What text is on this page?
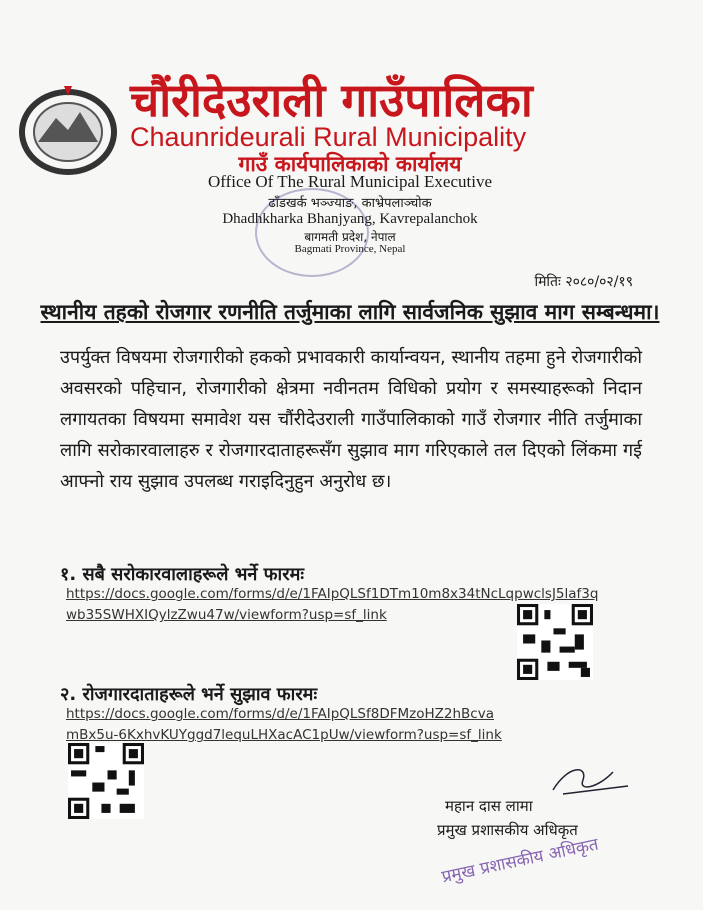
चौंरीदेउराली गाउँपालिका
Chaunrideurali Rural Municipality
गाउँ कार्यपालिकाको कार्यालय
Office Of The Rural Municipal Executive
ढाँडखर्क भञ्ज्याङ, काभ्रेपलाञ्चोक
Dhadhkharka Bhanjyang, Kavrepalanchok
बागमती प्रदेश, नेपाल
Bagmati Province, Nepal
मितिः २०८०/०२/१९
स्थानीय तहको रोजगार रणनीति तर्जुमाका लागि सार्वजनिक सुझाव माग सम्बन्धमा।
उपर्युक्त विषयमा रोजगारीको हकको प्रभावकारी कार्यान्वयन, स्थानीय तहमा हुने रोजगारीको अवसरको पहिचान, रोजगारीको क्षेत्रमा नवीनतम विधिको प्रयोग र समस्याहरूको निदान लगायतका विषयमा समावेश यस चौंरीदेउराली गाउँपालिकाको गाउँ रोजगार नीति तर्जुमाका लागि सरोकारवालाहरु र रोजगारदाताहरूसँग सुझाव माग गरिएकाले तल दिएको लिंकमा गई आफ्नो राय सुझाव उपलब्ध गराइदिनुहुन अनुरोध छ।
१. सबै सरोकारवालाहरूले भर्ने फारमः
https://docs.google.com/forms/d/e/1FAIpQLSf1DTm10m8x34tNcLqpwclsJ5laf3qwb35SWHXIQylzZwu47w/viewform?usp=sf_link
२. रोजगारदाताहरूले भर्ने सुझाव फारमः
https://docs.google.com/forms/d/e/1FAIpQLSf8DFMzoHZ2hBcvamBx5u-6KxhvKUYggd7lequLHXacAC1pUw/viewform?usp=sf_link
महान दास लामा
प्रमुख प्रशासकीय अधिकृत
प्रमुख प्रशासकीय अधिकृत
